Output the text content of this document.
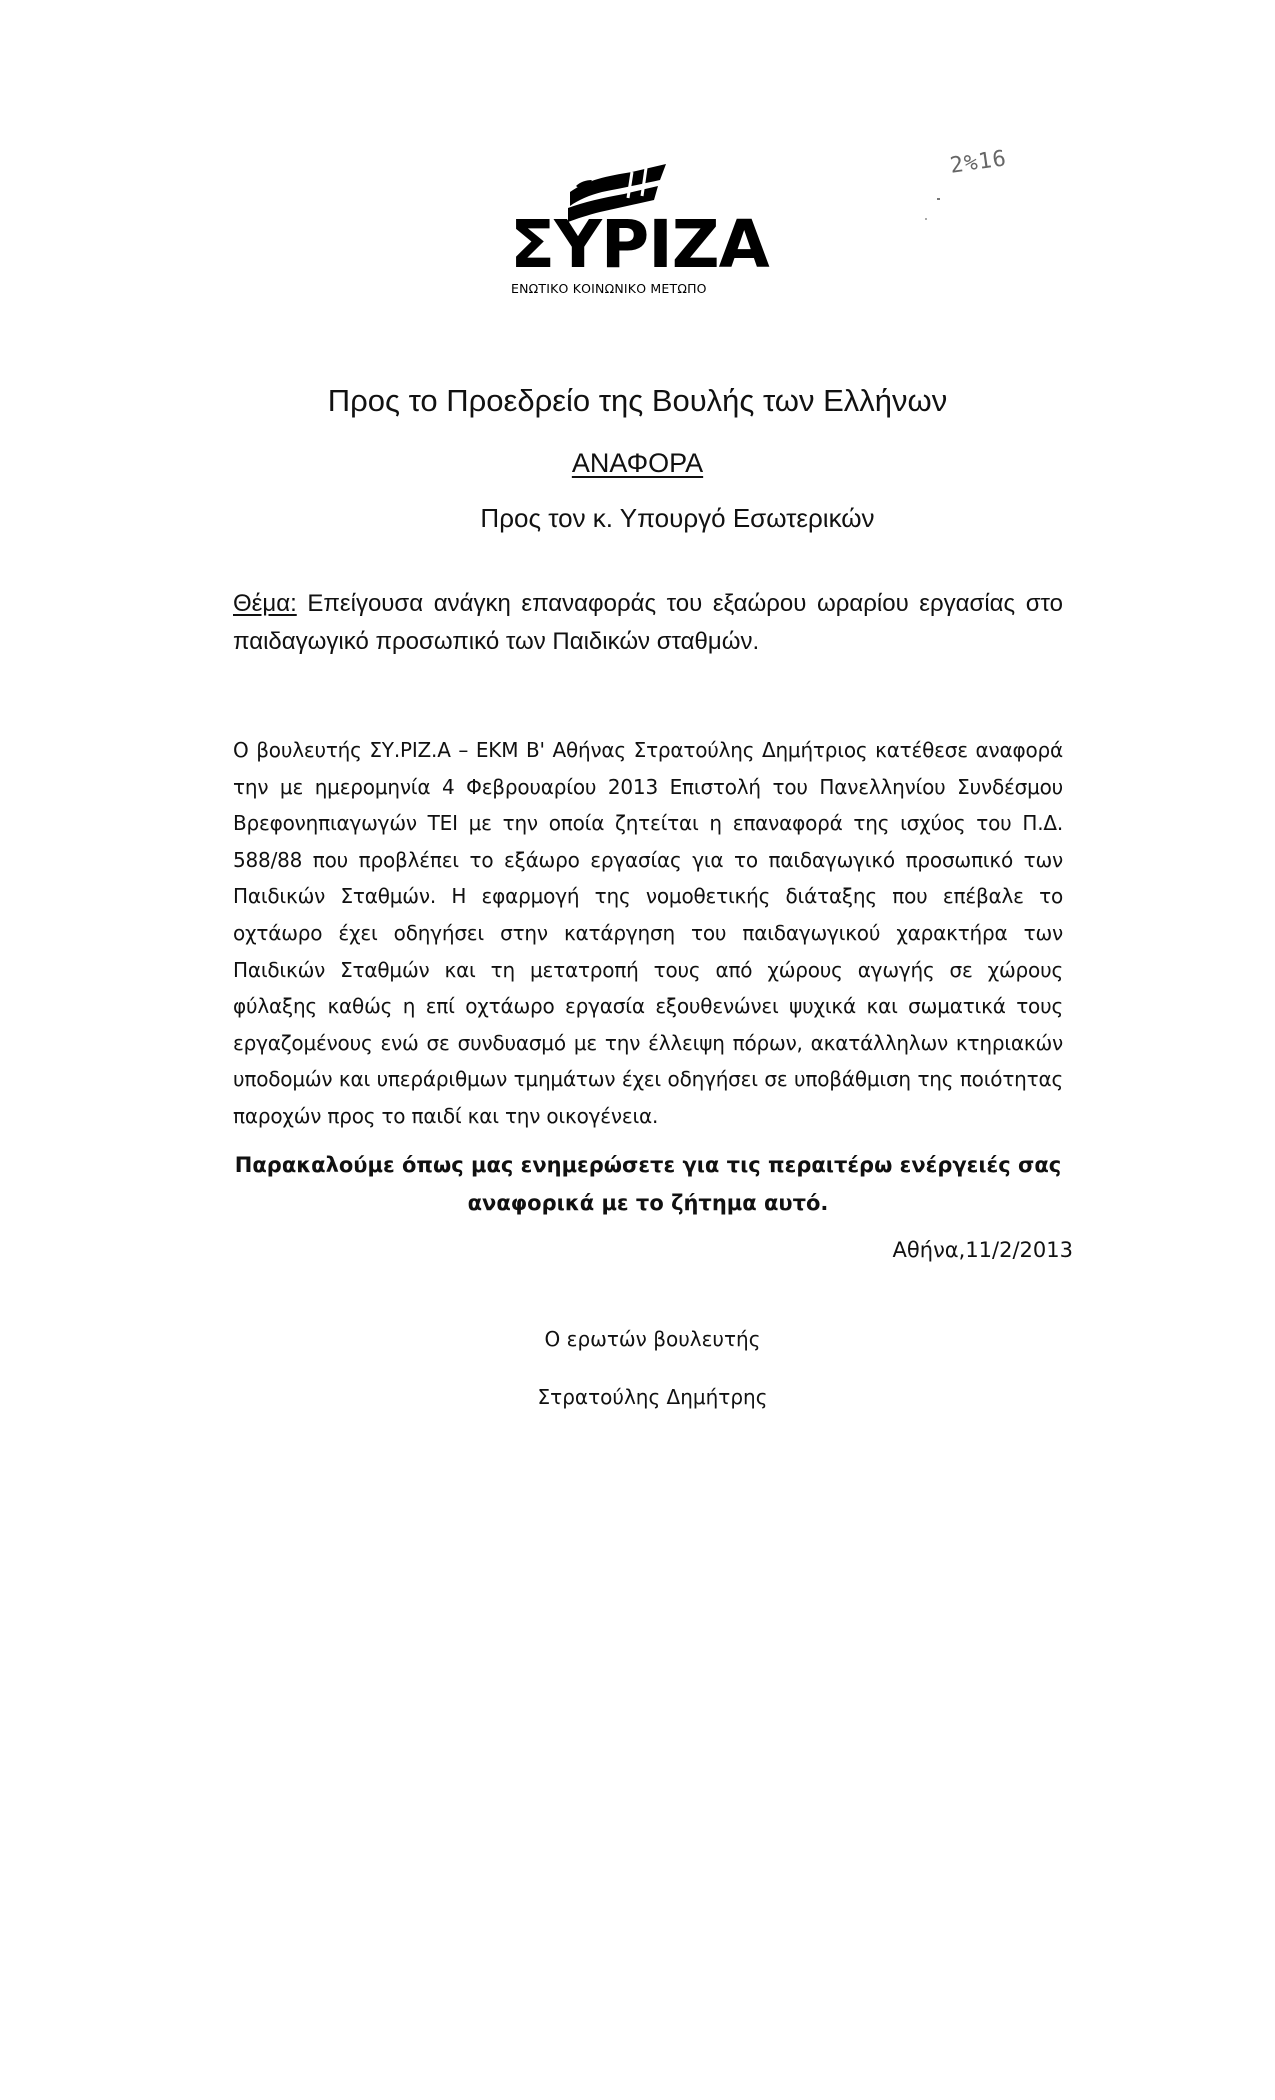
ΣΥΡΙΖΑ
ΕΝΩΤΙΚΟ ΚΟΙΝΩΝΙΚΟ ΜΕΤΩΠΟ
2%16
Προς το Προεδρείο της Βουλής των Ελλήνων
ΑΝΑΦΟΡΑ
Προς τον κ. Υπουργό Εσωτερικών
Θέμα: Επείγουσα ανάγκη επαναφοράς του εξαώρου ωραρίου εργασίας στο παιδαγωγικό προσωπικό των Παιδικών σταθμών.
Ο βουλευτής ΣΥ.ΡΙΖ.Α – ΕΚΜ Β' Αθήνας Στρατούλης Δημήτριος κατέθεσε αναφορά την με ημερομηνία 4 Φεβρουαρίου 2013 Επιστολή του Πανελληνίου Συνδέσμου Βρεφονηπιαγωγών ΤΕΙ με την οποία ζητείται η επαναφορά της ισχύος του Π.Δ. 588/88 που προβλέπει το εξάωρο εργασίας για το παιδαγωγικό προσωπικό των Παιδικών Σταθμών. Η εφαρμογή της νομοθετικής διάταξης που επέβαλε το οχτάωρο έχει οδηγήσει στην κατάργηση του παιδαγωγικού χαρακτήρα των Παιδικών Σταθμών και τη μετατροπή τους από χώρους αγωγής σε χώρους φύλαξης καθώς η επί οχτάωρο εργασία εξουθενώνει ψυχικά και σωματικά τους εργαζομένους ενώ σε συνδυασμό με την έλλειψη πόρων, ακατάλληλων κτηριακών υποδομών και υπεράριθμων τμημάτων έχει οδηγήσει σε υποβάθμιση της ποιότητας παροχών προς το παιδί και την οικογένεια.
Παρακαλούμε όπως μας ενημερώσετε για τις περαιτέρω ενέργειές σας αναφορικά με το ζήτημα αυτό.
Αθήνα,11/2/2013
Ο ερωτών βουλευτής
Στρατούλης Δημήτρης
